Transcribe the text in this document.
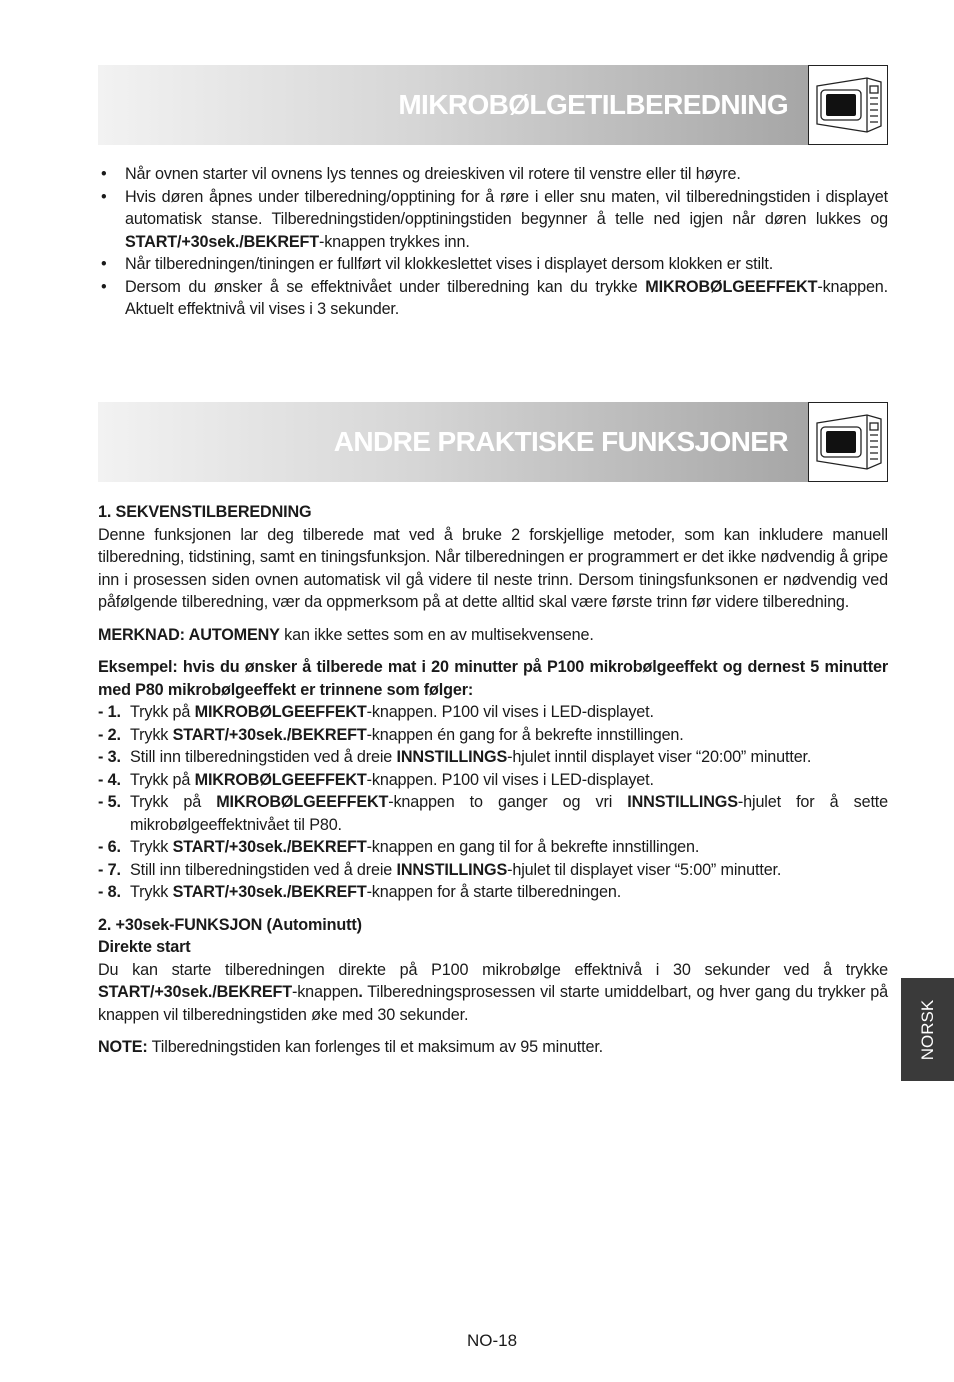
MIKROBØLGETILBEREDNING
• Når ovnen starter vil ovnens lys tennes og dreieskiven vil rotere til venstre eller til høyre.
• Hvis døren åpnes under tilberedning/opptining for å røre i eller snu maten, vil tilberedningstiden i displayet automatisk stanse. Tilberedningstiden/opptiningstiden begynner å telle ned igjen når døren lukkes og START/+30sek./BEKREFT-knappen trykkes inn.
• Når tilberedningen/tiningen er fullført vil klokkeslettet vises i displayet dersom klokken er stilt.
• Dersom du ønsker å se effektnivået under tilberedning kan du trykke MIKROBØLGEEFFEKT-knappen. Aktuelt effektnivå vil vises i 3 sekunder.
ANDRE PRAKTISKE FUNKSJONER
1. SEKVENSTILBEREDNING

Denne funksjonen lar deg tilberede mat ved å bruke 2 forskjellige metoder, som kan inkludere manuell tilberedning, tidstining, samt en tiningsfunksjon. Når tilberedningen er programmert er det ikke nødvendig å gripe inn i prosessen siden ovnen automatisk vil gå videre til neste trinn. Dersom tiningsfunksonen er nødvendig ved påfølgende tilberedning, vær da oppmerksom på at dette alltid skal være første trinn før videre tilberedning.

MERKNAD: AUTOMENY kan ikke settes som en av multisekvensene.

Eksempel: hvis du ønsker å tilberede mat i 20 minutter på P100 mikrobølgeeffekt og dernest 5 minutter med P80 mikrobølgeeffekt er trinnene som følger:
- 1. Trykk på MIKROBØLGEEFFEKT-knappen. P100 vil vises i LED-displayet.
- 2. Trykk START/+30sek./BEKREFT-knappen én gang for å bekrefte innstillingen.
- 3. Still inn tilberedningstiden ved å dreie INNSTILLINGS-hjulet inntil displayet viser “20:00” minutter.
- 4. Trykk på MIKROBØLGEEFFEKT-knappen. P100 vil vises i LED-displayet.
- 5. Trykk på MIKROBØLGEEFFEKT-knappen to ganger og vri INNSTILLINGS-hjulet for å sette mikrobølgeeffektnivået til P80.
- 6. Trykk START/+30sek./BEKREFT-knappen en gang til for å bekrefte innstillingen.
- 7. Still inn tilberedningstiden ved å dreie INNSTILLINGS-hjulet til displayet viser “5:00” minutter.
- 8. Trykk START/+30sek./BEKREFT-knappen for å starte tilberedningen.
2. +30sek-FUNKSJON (Autominutt)
Direkte start

Du kan starte tilberedningen direkte på P100 mikrobølge effektnivå i 30 sekunder ved å trykke START/+30sek./BEKREFT-knappen. Tilberedningsprosessen vil starte umiddelbart, og hver gang du trykker på knappen vil tilberedningstiden øke med 30 sekunder.

NOTE: Tilberedningstiden kan forlenges til et maksimum av 95 minutter.	NORSK
NO-18
